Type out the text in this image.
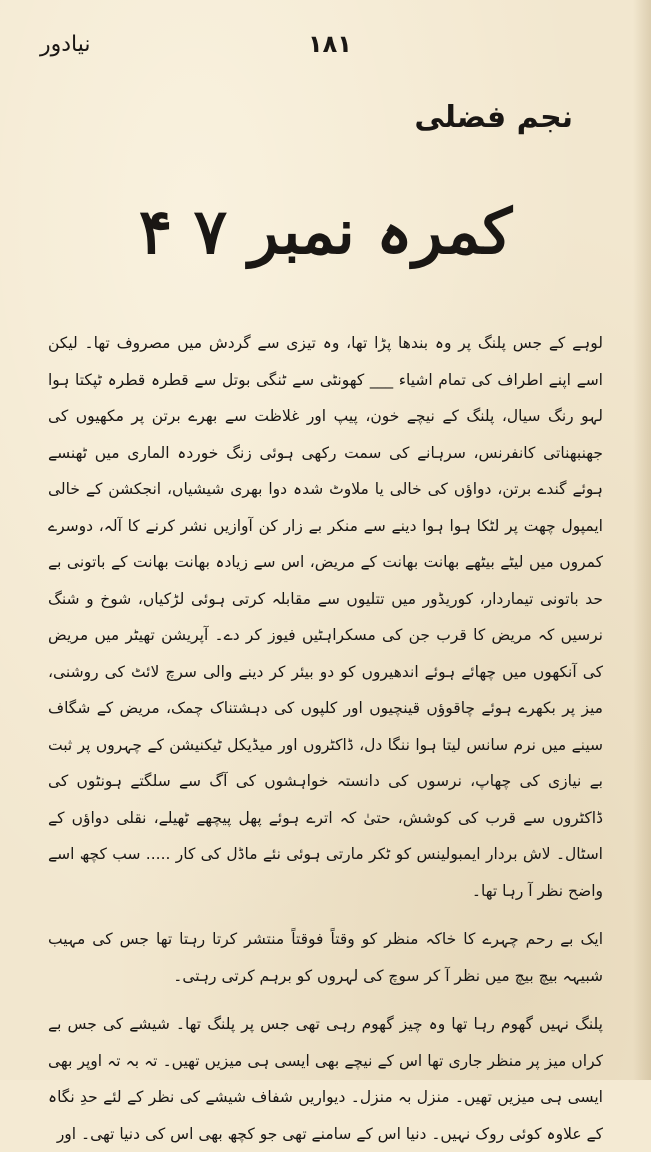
نیادور	۱۸۱
نجم فضلی
کمرہ نمبر ۷ ۴

لوہے کے جس پلنگ پر وہ بندھا پڑا تھا، وہ تیزی سے گردش میں مصروف تھا۔ لیکن اسے اپنے اطراف کی تمام اشیاء ___ کھونٹی سے ٹنگی بوتل سے قطرہ قطرہ ٹپکتا ہوا لہو رنگ سیال، پلنگ کے نیچے خون، پیپ اور غلاظت سے بھرے برتن پر مکھیوں کی جھنبھناتی کانفرنس، سرہانے کی سمت رکھی ہوئی زنگ خوردہ الماری میں ٹھنسے ہوئے گندے برتن، دواؤں کی خالی یا ملاوٹ شدہ دوا بھری شیشیاں، انجکشن کے خالی ایمپول چھت پر لٹکا ہوا ہوا دینے سے منکر بے زار کن آوازیں نشر کرنے کا آلہ، دوسرے کمروں میں لیٹے بیٹھے بھانت بھانت کے مریض، اس سے زیادہ بھانت بھانت کے باتونی بے حد باتونی تیماردار، کوریڈور میں تتلیوں سے مقابلہ کرتی ہوئی لڑکیاں، شوخ و شنگ نرسیں کہ مریض کا قرب جن کی مسکراہٹیں فیوز کر دے۔ آپریشن تھیٹر میں مریض کی آنکھوں میں چھائے ہوئے اندھیروں کو دو بیئر کر دینے والی سرچ لائٹ کی روشنی، میز پر بکھرے ہوئے چاقوؤں قینچیوں اور کلپوں کی دہشتناک چمک، مریض کے شگاف سینے میں نرم سانس لیتا ہوا ننگا دل، ڈاکٹروں اور میڈیکل ٹیکنیشن کے چہروں پر ثبت بے نیازی کی چھاپ، نرسوں کی دانستہ خواہشوں کی آگ سے سلگتے ہونٹوں کی ڈاکٹروں سے قرب کی کوشش، حتیٰ کہ اترے ہوئے پھل پیچھے ٹھیلے، نقلی دواؤں کے اسٹال۔ لاش بردار ایمبولینس کو ٹکر مارتی ہوئی نئے ماڈل کی کار ..... سب کچھ اسے واضح نظر آ رہا تھا۔

ایک بے رحم چہرے کا خاکہ منظر کو وقتاً فوقتاً منتشر کرتا رہتا تھا جس کی مہیب شبیہہ بیچ بیچ میں نظر آ کر سوچ کی لہروں کو برہم کرتی رہتی۔

پلنگ نہیں گھوم رہا تھا وہ چیز گھوم رہی تھی جس پر پلنگ تھا۔ شیشے کی جس بے کراں میز پر منظر جاری تھا اس کے نیچے بھی ایسی ہی میزیں تھیں۔ تہ بہ تہ اوپر بھی ایسی ہی میزیں تھیں۔ منزل بہ منزل۔ دیواریں شفاف شیشے کی نظر کے لئے حدِ نگاہ کے علاوہ کوئی روک نہیں۔ دنیا اس کے سامنے تھی جو کچھ بھی اس کی دنیا تھی۔ اور
